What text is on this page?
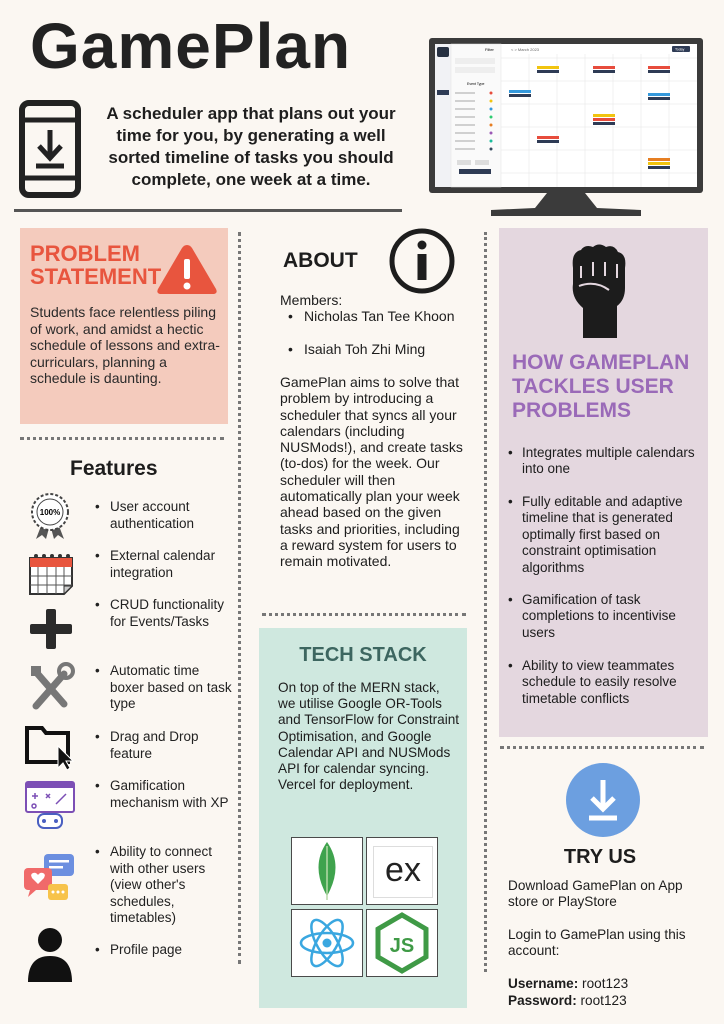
GamePlan
A scheduler app that plans out your time for you, by generating a well sorted timeline of tasks you should complete, one week at a time.
Filter	< > March 2023	Today
Event Type
PROBLEM
STATEMENT
Students face relentless piling of work, and amidst a hectic schedule of lessons and extra-curriculars, planning a schedule is daunting.
Features
100%
•	User account authentication
• External calendar integration
• CRUD functionality for Events/Tasks
• Automatic time boxer based on task type
• Drag and Drop feature
• Gamification mechanism with XP
• Ability to connect with other users (view other's schedules, timetables)
• Profile page
ABOUT
Members:
• Nicholas Tan Tee Khoon
• Isaiah Toh Zhi Ming
GamePlan aims to solve that problem by introducing a scheduler that syncs all your calendars (including NUSMods!), and create tasks (to-dos) for the week. Our scheduler will then automatically plan your week ahead based on the given tasks and priorities, including a reward system for users to remain motivated.
TECH STACK
On top of the MERN stack, we utilise Google OR-Tools and TensorFlow for Constraint Optimisation, and Google Calendar API and NUSMods API for calendar syncing. Vercel for deployment.
ex
JS
HOW GAMEPLAN
TACKLES USER
PROBLEMS
• Integrates multiple calendars into one
• Fully editable and adaptive timeline that is generated optimally first based on constraint optimisation algorithms
• Gamification of task completions to incentivise users
• Ability to view teammates schedule to easily resolve timetable conflicts
TRY US
Download GamePlan on App store or PlayStore
Login to GamePlan using this account:
Username: root123
Password: root123
